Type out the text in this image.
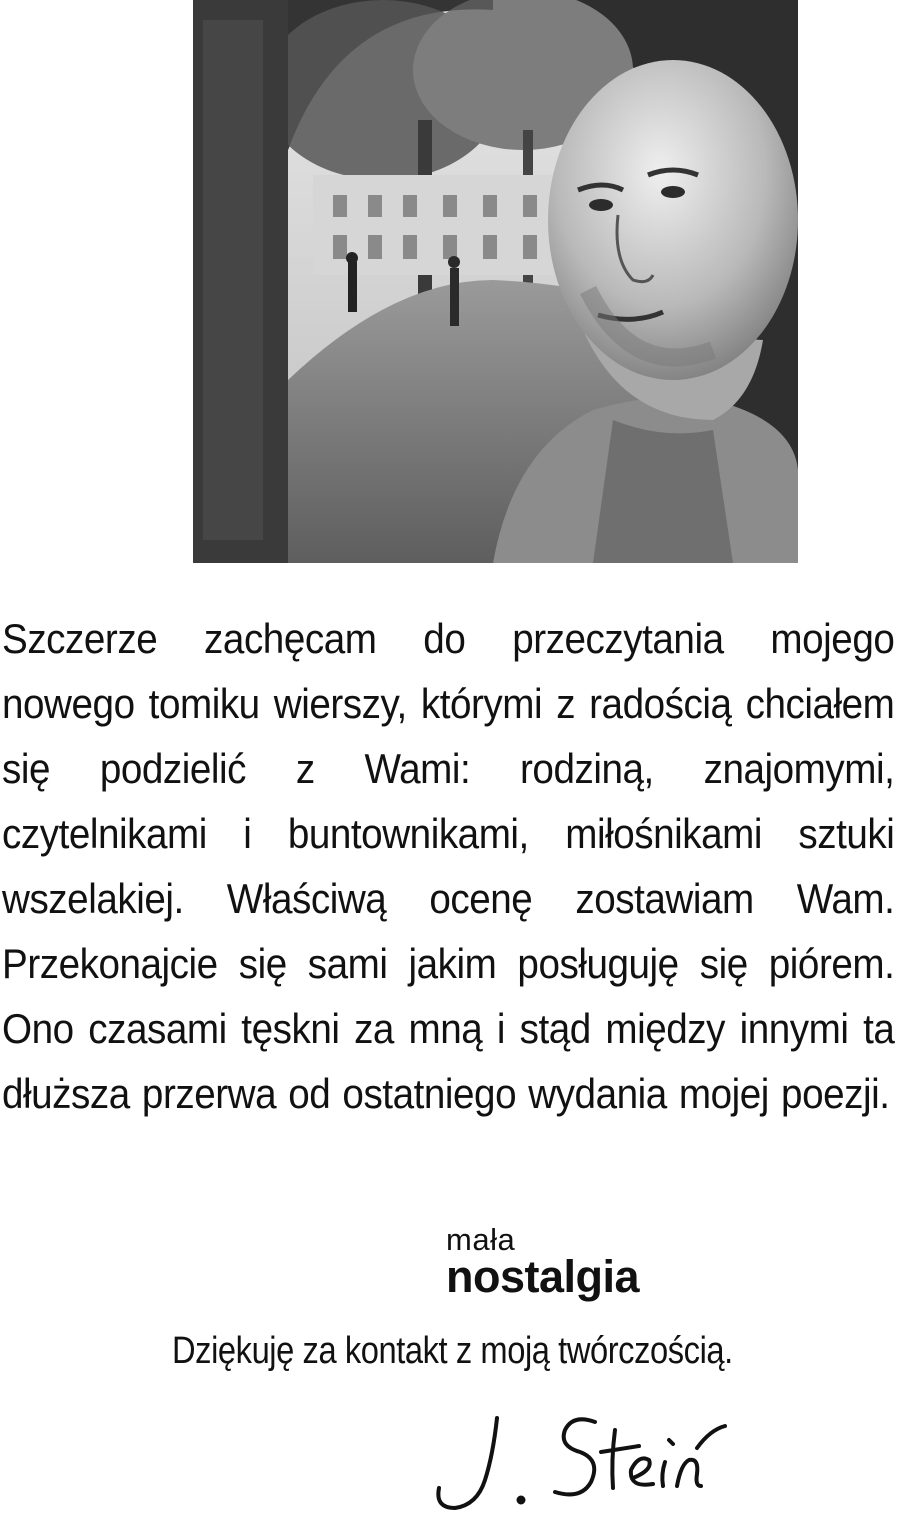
Szczerze zachęcam do przeczytania mojego nowego tomiku wierszy, którymi z radością chciałem się podzielić z Wami: rodziną, znajomymi, czytelnikami i buntownikami, miłośnikami sztuki wszelakiej. Właściwą ocenę zostawiam Wam. Przekonajcie się sami jakim posługuję się piórem. Ono czasami tęskni za mną i stąd między innymi ta dłuższa przerwa od ostatniego wydania mojej poezji.

mała
nostalgia
Dziękuję za kontakt z moją twórczością.
